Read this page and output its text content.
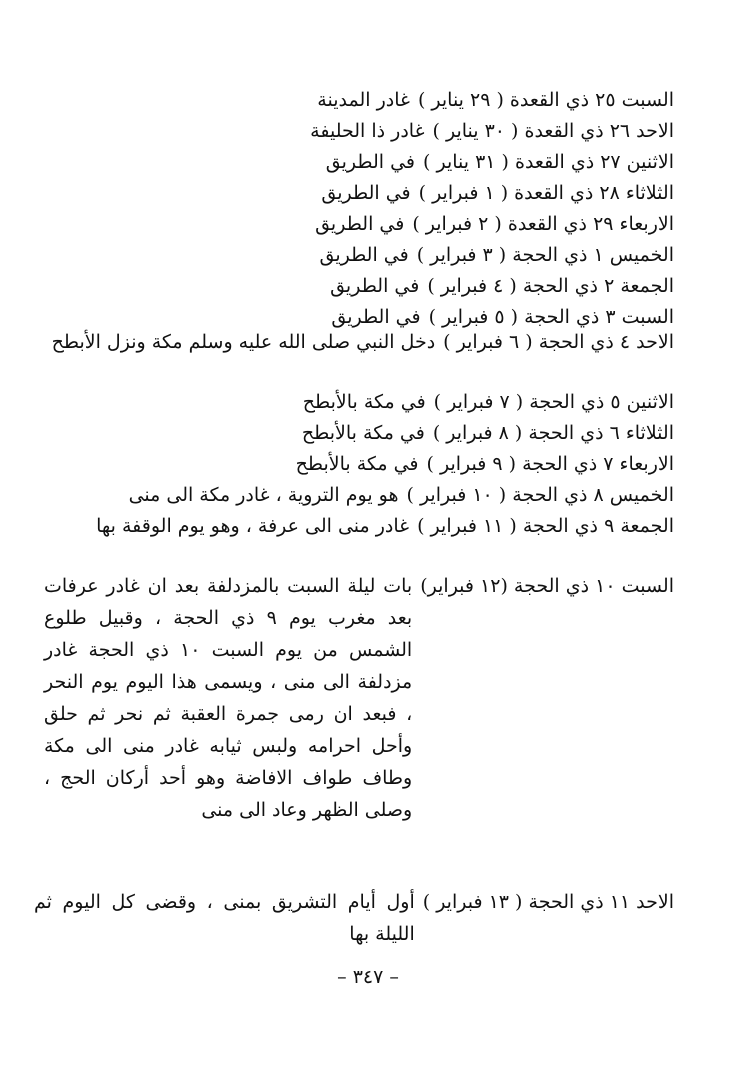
السبت ٢٥ ذي القعدة ( ٢٩ يناير )
غادر المدينة
الاحد ٢٦ ذي القعدة ( ٣٠ يناير )
غادر ذا الحليفة
الاثنين ٢٧ ذي القعدة ( ٣١ يناير )
في الطريق
الثلاثاء ٢٨ ذي القعدة ( ١ فبراير )
في الطريق
الاربعاء ٢٩ ذي القعدة ( ٢ فبراير )
في الطريق
الخميس ١ ذي الحجة ( ٣ فبراير )
في الطريق
الجمعة ٢ ذي الحجة ( ٤ فبراير )
في الطريق
السبت ٣ ذي الحجة ( ٥ فبراير )
في الطريق
الاحد ٤ ذي الحجة ( ٦ فبراير )
دخل النبي صلى الله عليه وسلم مكة ونزل الأبطح
الاثنين ٥ ذي الحجة ( ٧ فبراير )
في مكة بالأبطح
الثلاثاء ٦ ذي الحجة ( ٨ فبراير )
في مكة بالأبطح
الاربعاء ٧ ذي الحجة ( ٩ فبراير )
في مكة بالأبطح
الخميس ٨ ذي الحجة ( ١٠ فبراير )
هو يوم التروية ، غادر مكة الى منى
الجمعة ٩ ذي الحجة ( ١١ فبراير )
غادر منى الى عرفة ، وهو يوم الوقفة بها
السبت ١٠ ذي الحجة (١٢ فبراير)
بات ليلة السبت بالمزدلفة بعد ان غادر عرفات بعد مغرب يوم ٩ ذي الحجة ، وقبيل طلوع الشمس من يوم السبت ١٠ ذي الحجة غادر مزدلفة الى منى ، ويسمى هذا اليوم يوم النحر ، فبعد ان رمى جمرة العقبة ثم نحر ثم حلق وأحل احرامه ولبس ثيابه غادر منى الى مكة وطاف طواف الافاضة وهو أحد أركان الحج ، وصلى الظهر وعاد الى منى
الاحد ١١ ذي الحجة ( ١٣ فبراير )
أول أيام التشريق بمنى ، وقضى كل اليوم ثم الليلة بها
– ٣٤٧ –
